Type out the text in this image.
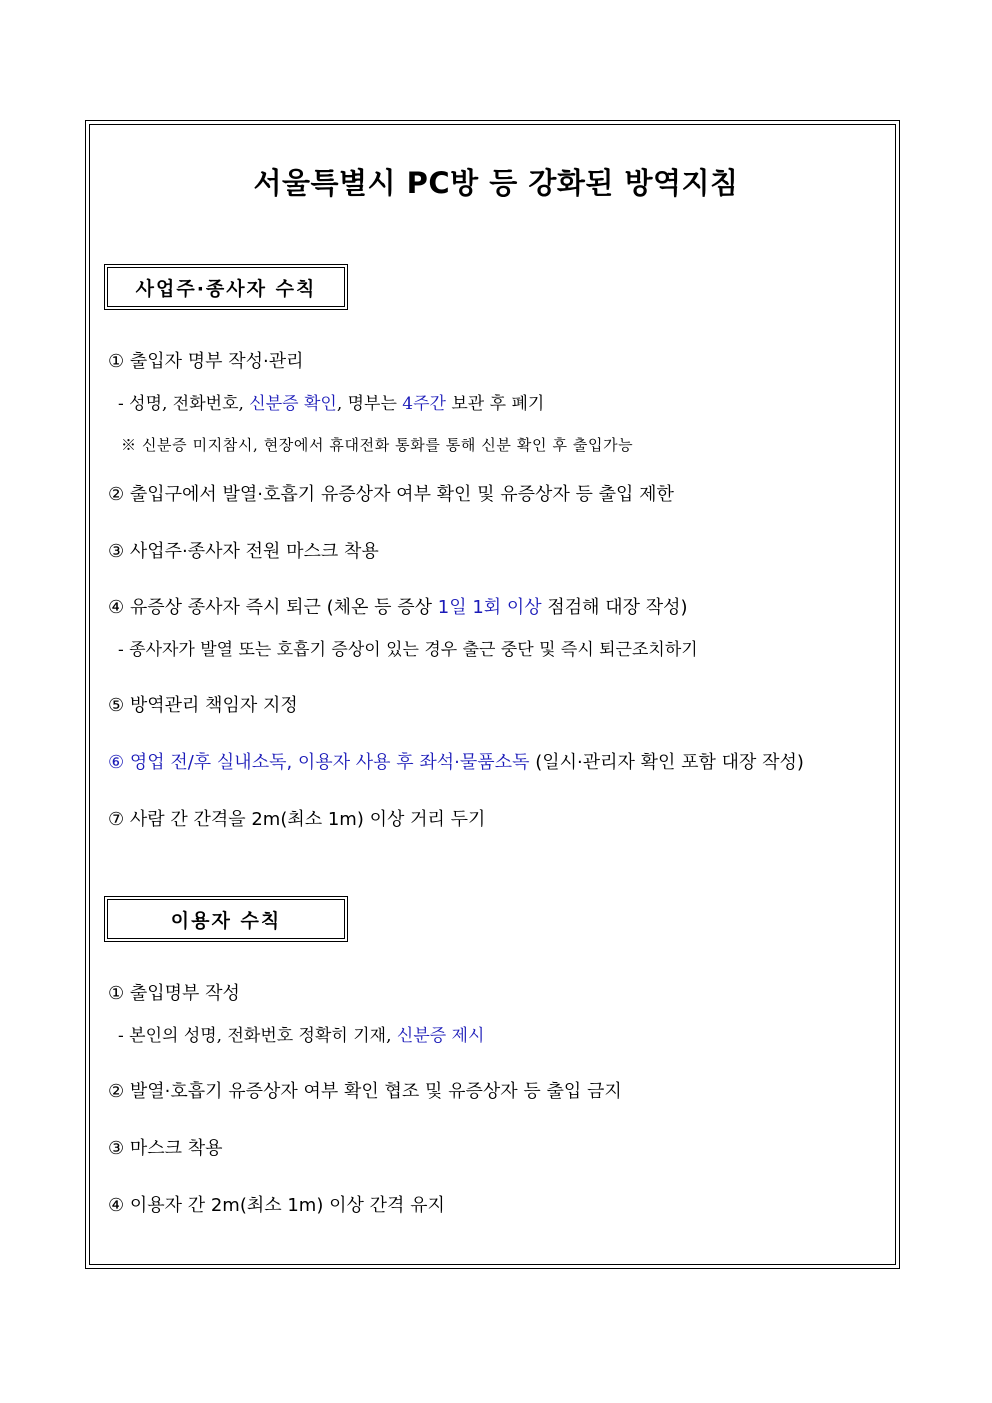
서울특별시 PC방 등 강화된 방역지침
사업주·종사자 수칙
① 출입자 명부 작성·관리
- 성명, 전화번호, 신분증 확인, 명부는 4주간 보관 후 폐기
※ 신분증 미지참시, 현장에서 휴대전화 통화를 통해 신분 확인 후 출입가능
② 출입구에서 발열·호흡기 유증상자 여부 확인 및 유증상자 등 출입 제한
③ 사업주·종사자 전원 마스크 착용
④ 유증상 종사자 즉시 퇴근 (체온 등 증상 1일 1회 이상 점검해 대장 작성)
- 종사자가 발열 또는 호흡기 증상이 있는 경우 출근 중단 및 즉시 퇴근조치하기
⑤ 방역관리 책임자 지정
⑥ 영업 전/후 실내소독, 이용자 사용 후 좌석·물품소독 (일시·관리자 확인 포함 대장 작성)
⑦ 사람 간 간격을 2m(최소 1m) 이상 거리 두기
이용자 수칙
① 출입명부 작성
- 본인의 성명, 전화번호 정확히 기재, 신분증 제시
② 발열·호흡기 유증상자 여부 확인 협조 및 유증상자 등 출입 금지
③ 마스크 착용
④ 이용자 간 2m(최소 1m) 이상 간격 유지
